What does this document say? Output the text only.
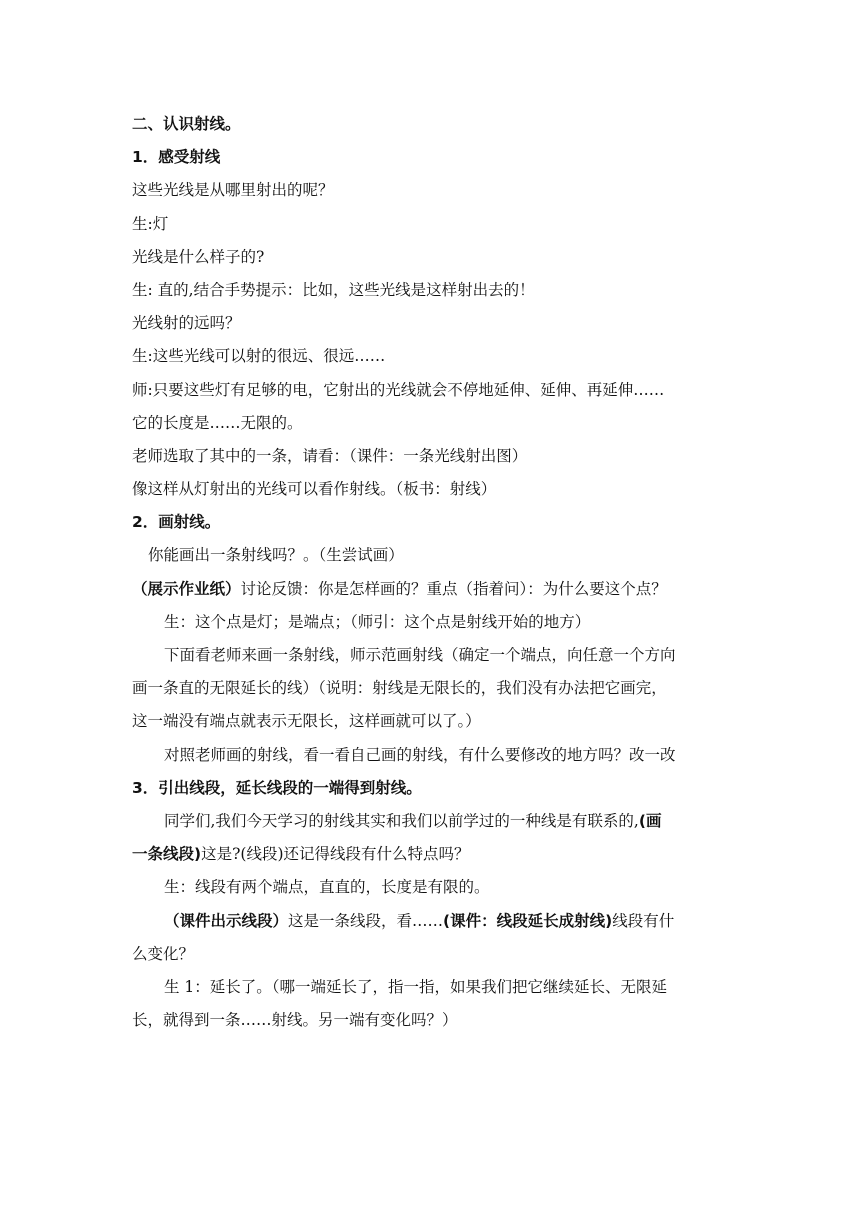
二、认识射线。
1．感受射线
这些光线是从哪里射出的呢？
生:灯
光线是什么样子的?
生: 直的,结合手势提示：比如，这些光线是这样射出去的！
光线射的远吗？
生:这些光线可以射的很远、很远……
师:只要这些灯有足够的电，它射出的光线就会不停地延伸、延伸、再延伸……
它的长度是……无限的。
老师选取了其中的一条，请看：（课件：一条光线射出图）
像这样从灯射出的光线可以看作射线。（板书：射线）
2．画射线。
你能画出一条射线吗？。（生尝试画）
（展示作业纸）讨论反馈：你是怎样画的？重点（指着问）：为什么要这个点？
生：这个点是灯；是端点；（师引：这个点是射线开始的地方）
下面看老师来画一条射线，师示范画射线（确定一个端点，向任意一个方向
画一条直的无限延长的线）（说明：射线是无限长的，我们没有办法把它画完，
这一端没有端点就表示无限长，这样画就可以了。）
对照老师画的射线，看一看自己画的射线，有什么要修改的地方吗？改一改
3．引出线段，延长线段的一端得到射线。
同学们,我们今天学习的射线其实和我们以前学过的一种线是有联系的,(画
一条线段)这是?(线段)还记得线段有什么特点吗？
生：线段有两个端点，直直的，长度是有限的。
（课件出示线段）这是一条线段，看……(课件：线段延长成射线)线段有什
么变化？
生 1：延长了。（哪一端延长了，指一指，如果我们把它继续延长、无限延
长，就得到一条……射线。另一端有变化吗？）
